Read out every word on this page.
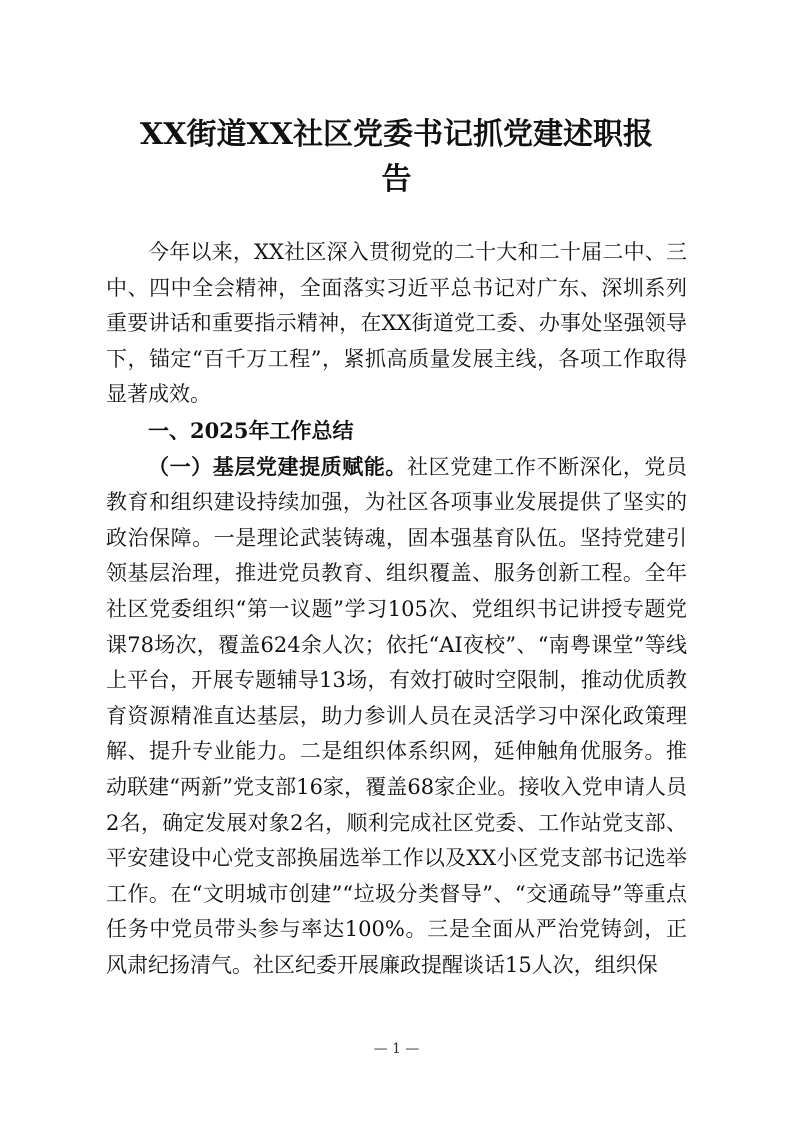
XX街道XX社区党委书记抓党建述职报
告

今年以来，XX社区深入贯彻党的二十大和二十届二中、三中、四中全会精神，全面落实习近平总书记对广东、深圳系列重要讲话和重要指示精神，在XX街道党工委、办事处坚强领导下，锚定“百千万工程”，紧抓高质量发展主线，各项工作取得显著成效。

一、2025年工作总结

（一）基层党建提质赋能。社区党建工作不断深化，党员教育和组织建设持续加强，为社区各项事业发展提供了坚实的政治保障。一是理论武装铸魂，固本强基育队伍。坚持党建引领基层治理，推进党员教育、组织覆盖、服务创新工程。全年社区党委组织“第一议题”学习105次、党组织书记讲授专题党课78场次，覆盖624余人次；依托“AI夜校”、“南粤课堂”等线上平台，开展专题辅导13场，有效打破时空限制，推动优质教育资源精准直达基层，助力参训人员在灵活学习中深化政策理解、提升专业能力。二是组织体系织网，延伸触角优服务。推动联建“两新”党支部16家，覆盖68家企业。接收入党申请人员2名，确定发展对象2名，顺利完成社区党委、工作站党支部、平安建设中心党支部换届选举工作以及XX小区党支部书记选举工作。在“文明城市创建”“垃圾分类督导”、“交通疏导”等重点任务中党员带头参与率达100%。三是全面从严治党铸剑，正风肃纪扬清气。社区纪委开展廉政提醒谈话15人次，组织保

— 1 —
